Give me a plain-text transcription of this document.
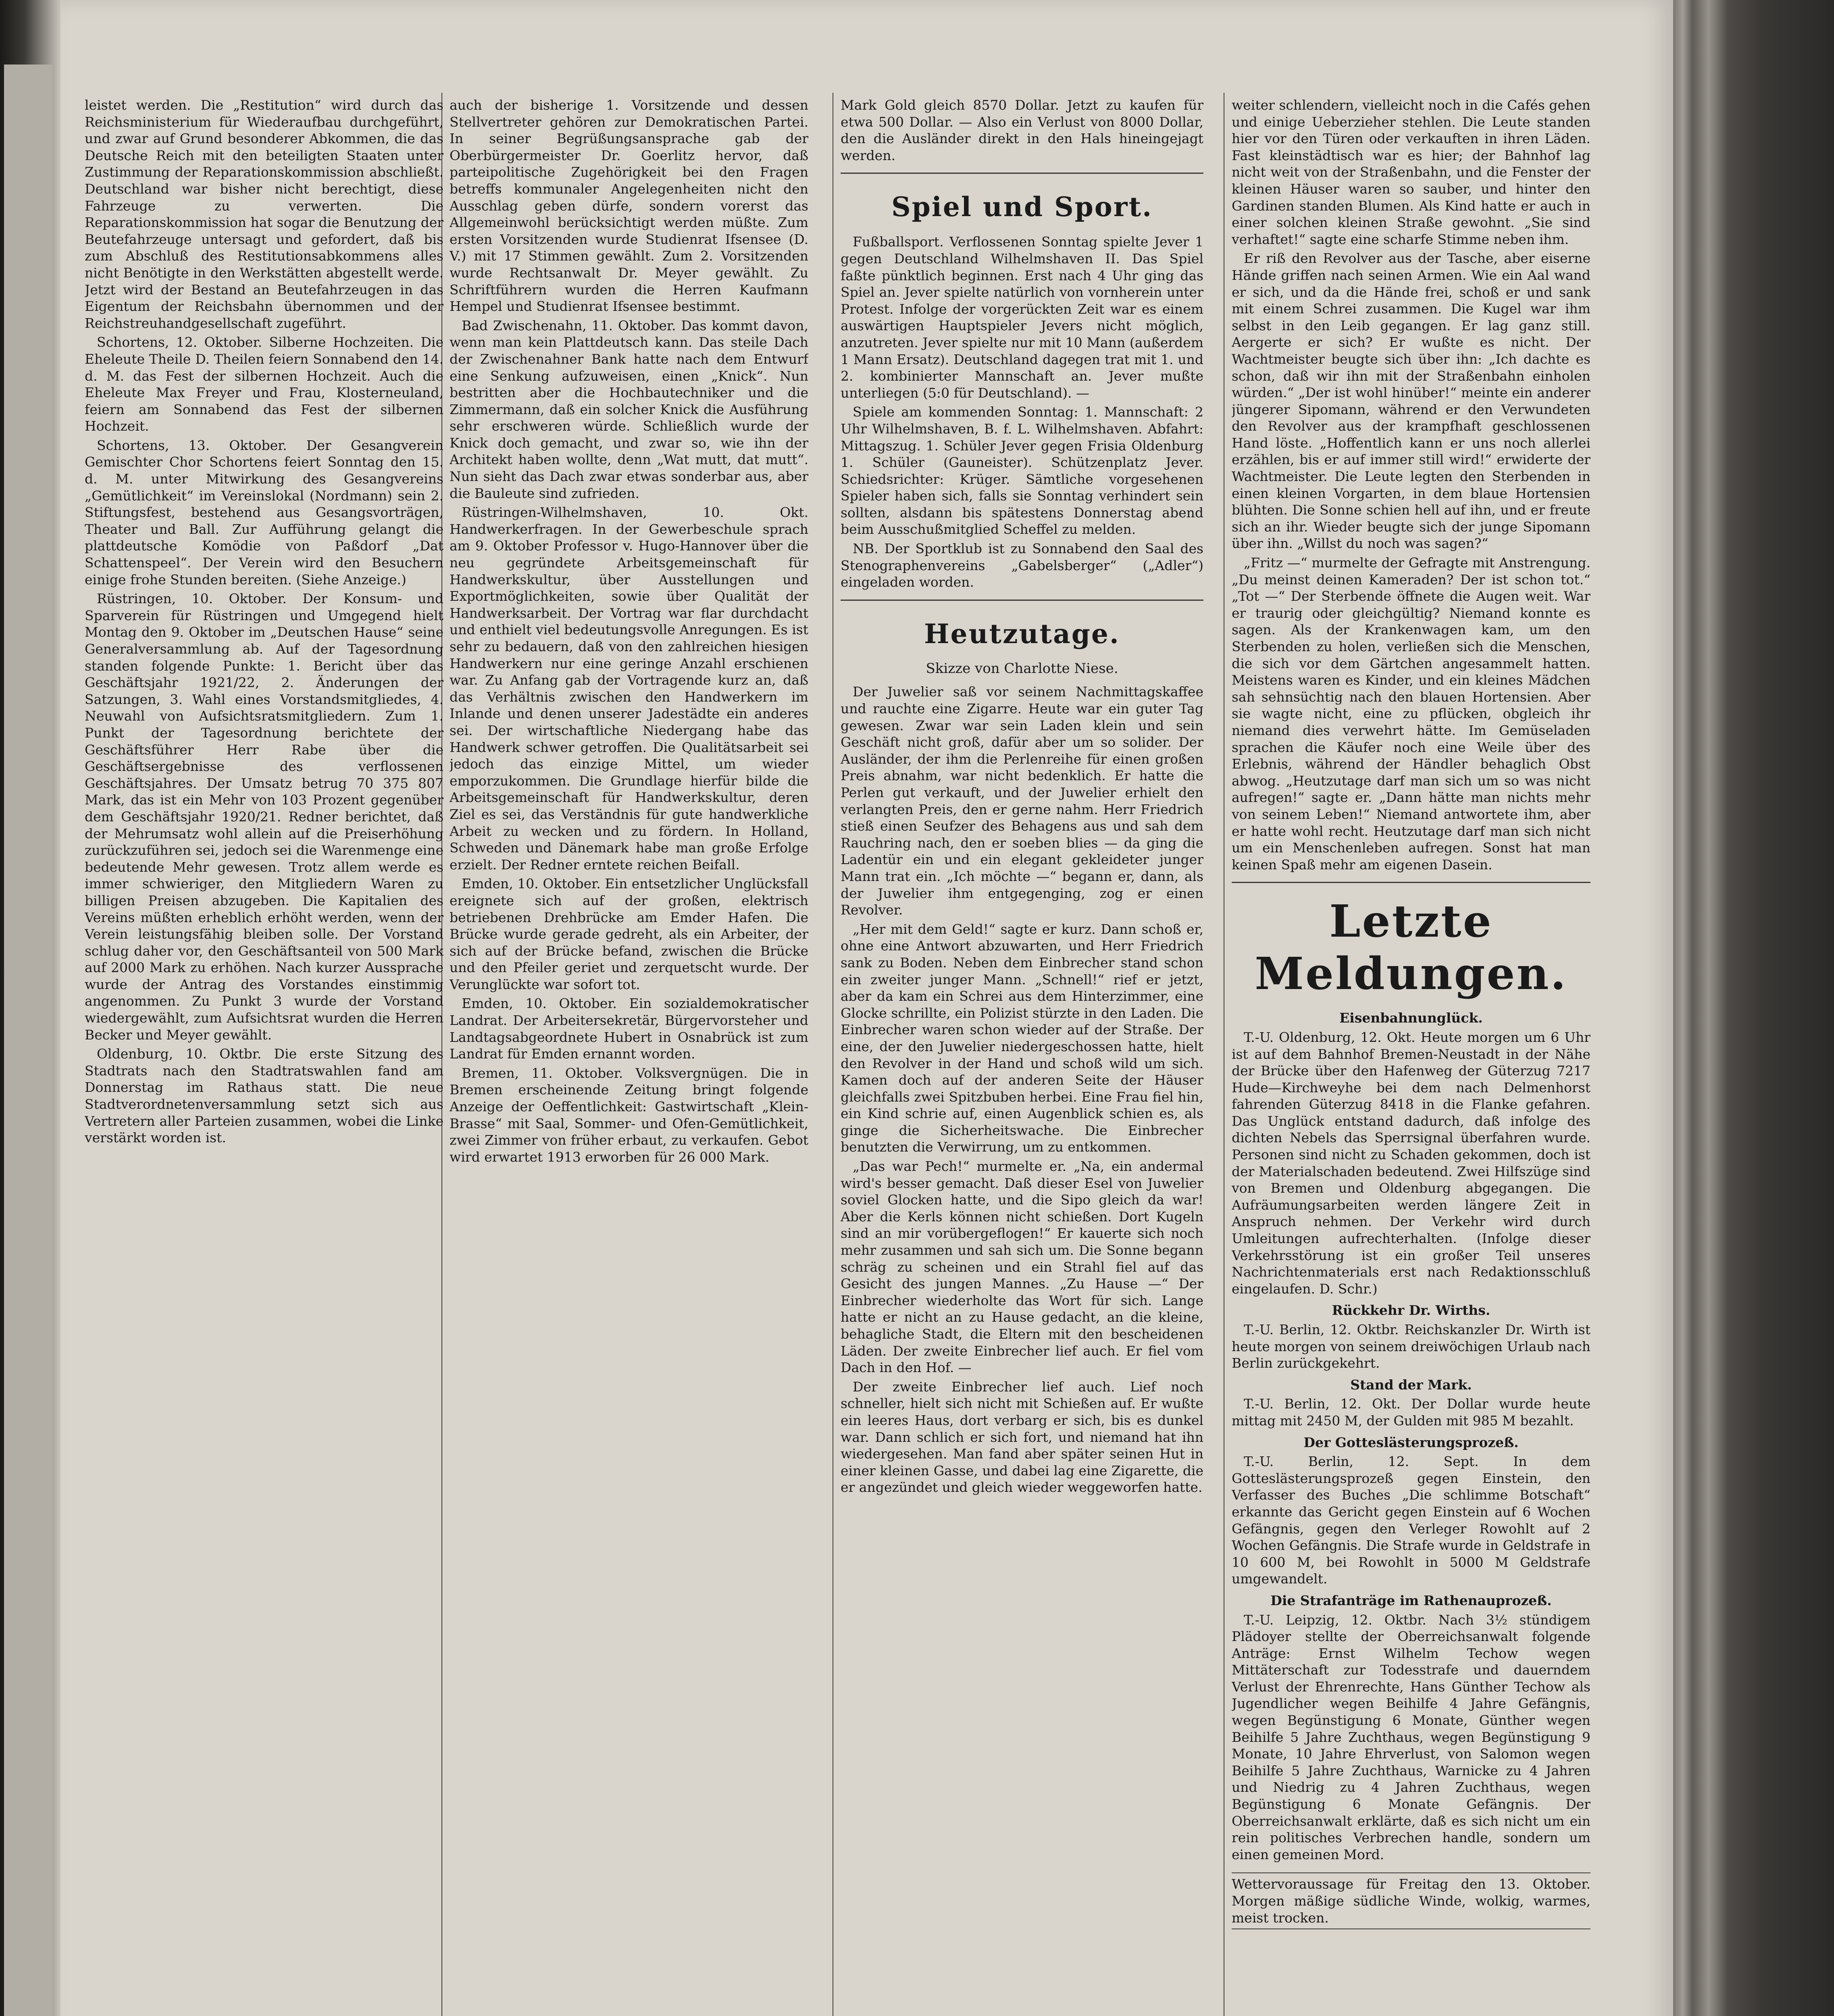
leistet werden. Die „Restitution“ wird durch das Reichsministerium für Wiederaufbau durchgeführt, und zwar auf Grund besonderer Abkommen, die das Deutsche Reich mit den beteiligten Staaten unter Zustimmung der Reparationskommission abschließt. Deutschland war bisher nicht berechtigt, diese Fahrzeuge zu verwerten. Die Reparationskommission hat sogar die Benutzung der Beutefahrzeuge untersagt und gefordert, daß bis zum Abschluß des Restitutionsabkommens alles nicht Benötigte in den Werkstätten abgestellt werde. Jetzt wird der Bestand an Beutefahrzeugen in das Eigentum der Reichsbahn übernommen und der Reichstreuhandgesellschaft zugeführt.

Schortens, 12. Oktober. Silberne Hochzeiten. Die Eheleute Theile D. Theilen feiern Sonnabend den 14. d. M. das Fest der silbernen Hochzeit. Auch die Eheleute Max Freyer und Frau, Klosterneuland, feiern am Sonnabend das Fest der silbernen Hochzeit.

Schortens, 13. Oktober. Der Gesangverein Gemischter Chor Schortens feiert Sonntag den 15. d. M. unter Mitwirkung des Gesangvereins „Gemütlichkeit“ im Vereinslokal (Nordmann) sein 2. Stiftungsfest, bestehend aus Gesangsvorträgen, Theater und Ball. Zur Aufführung gelangt die plattdeutsche Komödie von Paßdorf „Dat Schattenspeel“. Der Verein wird den Besuchern einige frohe Stunden bereiten. (Siehe Anzeige.)

Rüstringen, 10. Oktober. Der Konsum- und Sparverein für Rüstringen und Umgegend hielt Montag den 9. Oktober im „Deutschen Hause“ seine Generalversammlung ab. Auf der Tagesordnung standen folgende Punkte: 1. Bericht über das Geschäftsjahr 1921/22, 2. Änderungen der Satzungen, 3. Wahl eines Vorstandsmitgliedes, 4. Neuwahl von Aufsichtsratsmitgliedern. Zum 1. Punkt der Tagesordnung berichtete der Geschäftsführer Herr Rabe über die Geschäftsergebnisse des verflossenen Geschäftsjahres. Der Umsatz betrug 70 375 807 Mark, das ist ein Mehr von 103 Prozent gegenüber dem Geschäftsjahr 1920/21. Redner berichtet, daß der Mehrumsatz wohl allein auf die Preiserhöhung zurückzuführen sei, jedoch sei die Warenmenge eine bedeutende Mehr gewesen. Trotz allem werde es immer schwieriger, den Mitgliedern Waren zu billigen Preisen abzugeben. Die Kapitalien des Vereins müßten erheblich erhöht werden, wenn der Verein leistungsfähig bleiben solle. Der Vorstand schlug daher vor, den Geschäftsanteil von 500 Mark auf 2000 Mark zu erhöhen. Nach kurzer Aussprache wurde der Antrag des Vorstandes einstimmig angenommen. Zu Punkt 3 wurde der Vorstand wiedergewählt, zum Aufsichtsrat wurden die Herren Becker und Meyer gewählt.

Oldenburg, 10. Oktbr. Die erste Sitzung des Stadtrats nach den Stadtratswahlen fand am Donnerstag im Rathaus statt. Die neue Stadtverordnetenversammlung setzt sich aus Vertretern aller Parteien zusammen, wobei die Linke verstärkt worden ist.

auch der bisherige 1. Vorsitzende und dessen Stellvertreter gehören zur Demokratischen Partei. In seiner Begrüßungsansprache gab der Oberbürgermeister Dr. Goerlitz hervor, daß parteipolitische Zugehörigkeit bei den Fragen betreffs kommunaler Angelegenheiten nicht den Ausschlag geben dürfe, sondern vorerst das Allgemeinwohl berücksichtigt werden müßte. Zum ersten Vorsitzenden wurde Studienrat Ifsensee (D. V.) mit 17 Stimmen gewählt. Zum 2. Vorsitzenden wurde Rechtsanwalt Dr. Meyer gewählt. Zu Schriftführern wurden die Herren Kaufmann Hempel und Studienrat Ifsensee bestimmt.

Bad Zwischenahn, 11. Oktober. Das kommt davon, wenn man kein Plattdeutsch kann. Das steile Dach der Zwischenahner Bank hatte nach dem Entwurf eine Senkung aufzuweisen, einen „Knick“. Nun bestritten aber die Hochbautechniker und die Zimmermann, daß ein solcher Knick die Ausführung sehr erschweren würde. Schließlich wurde der Knick doch gemacht, und zwar so, wie ihn der Architekt haben wollte, denn „Wat mutt, dat mutt“. Nun sieht das Dach zwar etwas sonderbar aus, aber die Bauleute sind zufrieden.

Rüstringen-Wilhelmshaven, 10. Okt. Handwerkerfragen. In der Gewerbeschule sprach am 9. Oktober Professor v. Hugo-Hannover über die neu gegründete Arbeitsgemeinschaft für Handwerkskultur, über Ausstellungen und Exportmöglichkeiten, sowie über Qualität der Handwerksarbeit. Der Vortrag war flar durchdacht und enthielt viel bedeutungsvolle Anregungen. Es ist sehr zu bedauern, daß von den zahlreichen hiesigen Handwerkern nur eine geringe Anzahl erschienen war. Zu Anfang gab der Vortragende kurz an, daß das Verhältnis zwischen den Handwerkern im Inlande und denen unserer Jadestädte ein anderes sei. Der wirtschaftliche Niedergang habe das Handwerk schwer getroffen. Die Qualitätsarbeit sei jedoch das einzige Mittel, um wieder emporzukommen. Die Grundlage hierfür bilde die Arbeitsgemeinschaft für Handwerkskultur, deren Ziel es sei, das Verständnis für gute handwerkliche Arbeit zu wecken und zu fördern. In Holland, Schweden und Dänemark habe man große Erfolge erzielt. Der Redner erntete reichen Beifall.

Emden, 10. Oktober. Ein entsetzlicher Unglücksfall ereignete sich auf der großen, elektrisch betriebenen Drehbrücke am Emder Hafen. Die Brücke wurde gerade gedreht, als ein Arbeiter, der sich auf der Brücke befand, zwischen die Brücke und den Pfeiler geriet und zerquetscht wurde. Der Verunglückte war sofort tot.

Emden, 10. Oktober. Ein sozialdemokratischer Landrat. Der Arbeitersekretär, Bürgervorsteher und Landtagsabgeordnete Hubert in Osnabrück ist zum Landrat für Emden ernannt worden.

Bremen, 11. Oktober. Volksvergnügen. Die in Bremen erscheinende Zeitung bringt folgende Anzeige der Oeffentlichkeit: Gastwirtschaft „Klein-Brasse“ mit Saal, Sommer- und Ofen-Gemütlichkeit, zwei Zimmer von früher erbaut, zu verkaufen. Gebot wird erwartet 1913 erworben für 26 000 Mark.

Mark Gold gleich 8570 Dollar. Jetzt zu kaufen für etwa 500 Dollar. — Also ein Verlust von 8000 Dollar, den die Ausländer direkt in den Hals hineingejagt werden.

Spiel und Sport.

Fußballsport. Verflossenen Sonntag spielte Jever 1 gegen Deutschland Wilhelmshaven II. Das Spiel faßte pünktlich beginnen. Erst nach 4 Uhr ging das Spiel an. Jever spielte natürlich von vornherein unter Protest. Infolge der vorgerückten Zeit war es einem auswärtigen Hauptspieler Jevers nicht möglich, anzutreten. Jever spielte nur mit 10 Mann (außerdem 1 Mann Ersatz). Deutschland dagegen trat mit 1. und 2. kombinierter Mannschaft an. Jever mußte unterliegen (5:0 für Deutschland). —

Spiele am kommenden Sonntag: 1. Mannschaft: 2 Uhr Wilhelmshaven, B. f. L. Wilhelmshaven. Abfahrt: Mittagszug. 1. Schüler Jever gegen Frisia Oldenburg 1. Schüler (Gauneister). Schützenplatz Jever. Schiedsrichter: Krüger. Sämtliche vorgesehenen Spieler haben sich, falls sie Sonntag verhindert sein sollten, alsdann bis spätestens Donnerstag abend beim Ausschußmitglied Scheffel zu melden.

NB. Der Sportklub ist zu Sonnabend den Saal des Stenographenvereins „Gabelsberger“ („Adler“) eingeladen worden.

Heutzutage.

Skizze von Charlotte Niese.

Der Juwelier saß vor seinem Nachmittagskaffee und rauchte eine Zigarre. Heute war ein guter Tag gewesen. Zwar war sein Laden klein und sein Geschäft nicht groß, dafür aber um so solider. Der Ausländer, der ihm die Perlenreihe für einen großen Preis abnahm, war nicht bedenklich. Er hatte die Perlen gut verkauft, und der Juwelier erhielt den verlangten Preis, den er gerne nahm. Herr Friedrich stieß einen Seufzer des Behagens aus und sah dem Rauchring nach, den er soeben blies — da ging die Ladentür ein und ein elegant gekleideter junger Mann trat ein. „Ich möchte —“ begann er, dann, als der Juwelier ihm entgegenging, zog er einen Revolver.

„Her mit dem Geld!“ sagte er kurz. Dann schoß er, ohne eine Antwort abzuwarten, und Herr Friedrich sank zu Boden. Neben dem Einbrecher stand schon ein zweiter junger Mann. „Schnell!“ rief er jetzt, aber da kam ein Schrei aus dem Hinterzimmer, eine Glocke schrillte, ein Polizist stürzte in den Laden. Die Einbrecher waren schon wieder auf der Straße. Der eine, der den Juwelier niedergeschossen hatte, hielt den Revolver in der Hand und schoß wild um sich. Kamen doch auf der anderen Seite der Häuser gleichfalls zwei Spitzbuben herbei. Eine Frau fiel hin, ein Kind schrie auf, einen Augenblick schien es, als ginge die Sicherheitswache. Die Einbrecher benutzten die Verwirrung, um zu entkommen.

„Das war Pech!“ murmelte er. „Na, ein andermal wird's besser gemacht. Daß dieser Esel von Juwelier soviel Glocken hatte, und die Sipo gleich da war! Aber die Kerls können nicht schießen. Dort Kugeln sind an mir vorübergeflogen!“ Er kauerte sich noch mehr zusammen und sah sich um. Die Sonne begann schräg zu scheinen und ein Strahl fiel auf das Gesicht des jungen Mannes. „Zu Hause —“ Der Einbrecher wiederholte das Wort für sich. Lange hatte er nicht an zu Hause gedacht, an die kleine, behagliche Stadt, die Eltern mit den bescheidenen Läden. Der zweite Einbrecher lief auch. Er fiel vom Dach in den Hof. —

Der zweite Einbrecher lief auch. Lief noch schneller, hielt sich nicht mit Schießen auf. Er wußte ein leeres Haus, dort verbarg er sich, bis es dunkel war. Dann schlich er sich fort, und niemand hat ihn wiedergesehen. Man fand aber später seinen Hut in einer kleinen Gasse, und dabei lag eine Zigarette, die er angezündet und gleich wieder weggeworfen hatte.

weiter schlendern, vielleicht noch in die Cafés gehen und einige Ueberzieher stehlen. Die Leute standen hier vor den Türen oder verkauften in ihren Läden. Fast kleinstädtisch war es hier; der Bahnhof lag nicht weit von der Straßenbahn, und die Fenster der kleinen Häuser waren so sauber, und hinter den Gardinen standen Blumen. Als Kind hatte er auch in einer solchen kleinen Straße gewohnt. „Sie sind verhaftet!“ sagte eine scharfe Stimme neben ihm.

Er riß den Revolver aus der Tasche, aber eiserne Hände griffen nach seinen Armen. Wie ein Aal wand er sich, und da die Hände frei, schoß er und sank mit einem Schrei zusammen. Die Kugel war ihm selbst in den Leib gegangen. Er lag ganz still. Aergerte er sich? Er wußte es nicht. Der Wachtmeister beugte sich über ihn: „Ich dachte es schon, daß wir ihn mit der Straßenbahn einholen würden.“ „Der ist wohl hinüber!“ meinte ein anderer jüngerer Sipomann, während er den Verwundeten den Revolver aus der krampfhaft geschlossenen Hand löste. „Hoffentlich kann er uns noch allerlei erzählen, bis er auf immer still wird!“ erwiderte der Wachtmeister. Die Leute legten den Sterbenden in einen kleinen Vorgarten, in dem blaue Hortensien blühten. Die Sonne schien hell auf ihn, und er freute sich an ihr. Wieder beugte sich der junge Sipomann über ihn. „Willst du noch was sagen?“

„Fritz —“ murmelte der Gefragte mit Anstrengung. „Du meinst deinen Kameraden? Der ist schon tot.“ „Tot —“ Der Sterbende öffnete die Augen weit. War er traurig oder gleichgültig? Niemand konnte es sagen. Als der Krankenwagen kam, um den Sterbenden zu holen, verließen sich die Menschen, die sich vor dem Gärtchen angesammelt hatten. Meistens waren es Kinder, und ein kleines Mädchen sah sehnsüchtig nach den blauen Hortensien. Aber sie wagte nicht, eine zu pflücken, obgleich ihr niemand dies verwehrt hätte. Im Gemüseladen sprachen die Käufer noch eine Weile über des Erlebnis, während der Händler behaglich Obst abwog. „Heutzutage darf man sich um so was nicht aufregen!“ sagte er. „Dann hätte man nichts mehr von seinem Leben!“ Niemand antwortete ihm, aber er hatte wohl recht. Heutzutage darf man sich nicht um ein Menschenleben aufregen. Sonst hat man keinen Spaß mehr am eigenen Dasein.

Letzte Meldungen.

Eisenbahnunglück.

T.-U. Oldenburg, 12. Okt. Heute morgen um 6 Uhr ist auf dem Bahnhof Bremen-Neustadt in der Nähe der Brücke über den Hafenweg der Güterzug 7217 Hude—Kirchweyhe bei dem nach Delmenhorst fahrenden Güterzug 8418 in die Flanke gefahren. Das Unglück entstand dadurch, daß infolge des dichten Nebels das Sperrsignal überfahren wurde. Personen sind nicht zu Schaden gekommen, doch ist der Materialschaden bedeutend. Zwei Hilfszüge sind von Bremen und Oldenburg abgegangen. Die Aufräumungsarbeiten werden längere Zeit in Anspruch nehmen. Der Verkehr wird durch Umleitungen aufrechterhalten. (Infolge dieser Verkehrsstörung ist ein großer Teil unseres Nachrichtenmaterials erst nach Redaktionsschluß eingelaufen. D. Schr.)

Rückkehr Dr. Wirths.

T.-U. Berlin, 12. Oktbr. Reichskanzler Dr. Wirth ist heute morgen von seinem dreiwöchigen Urlaub nach Berlin zurückgekehrt.

Stand der Mark.

T.-U. Berlin, 12. Okt. Der Dollar wurde heute mittag mit 2450 M, der Gulden mit 985 M bezahlt.

Der Gotteslästerungsprozeß.

T.-U. Berlin, 12. Sept. In dem Gotteslästerungsprozeß gegen Einstein, den Verfasser des Buches „Die schlimme Botschaft“ erkannte das Gericht gegen Einstein auf 6 Wochen Gefängnis, gegen den Verleger Rowohlt auf 2 Wochen Gefängnis. Die Strafe wurde in Geldstrafe in 10 600 M, bei Rowohlt in 5000 M Geldstrafe umgewandelt.

Die Strafanträge im Rathenauprozeß.

T.-U. Leipzig, 12. Oktbr. Nach 3½ stündigem Plädoyer stellte der Oberreichsanwalt folgende Anträge: Ernst Wilhelm Techow wegen Mittäterschaft zur Todesstrafe und dauerndem Verlust der Ehrenrechte, Hans Günther Techow als Jugendlicher wegen Beihilfe 4 Jahre Gefängnis, wegen Begünstigung 6 Monate, Günther wegen Beihilfe 5 Jahre Zuchthaus, wegen Begünstigung 9 Monate, 10 Jahre Ehrverlust, von Salomon wegen Beihilfe 5 Jahre Zuchthaus, Warnicke zu 4 Jahren und Niedrig zu 4 Jahren Zuchthaus, wegen Begünstigung 6 Monate Gefängnis. Der Oberreichsanwalt erklärte, daß es sich nicht um ein rein politisches Verbrechen handle, sondern um einen gemeinen Mord.

Wettervoraussage für Freitag den 13. Oktober. Morgen mäßige südliche Winde, wolkig, warmes, meist trocken.
